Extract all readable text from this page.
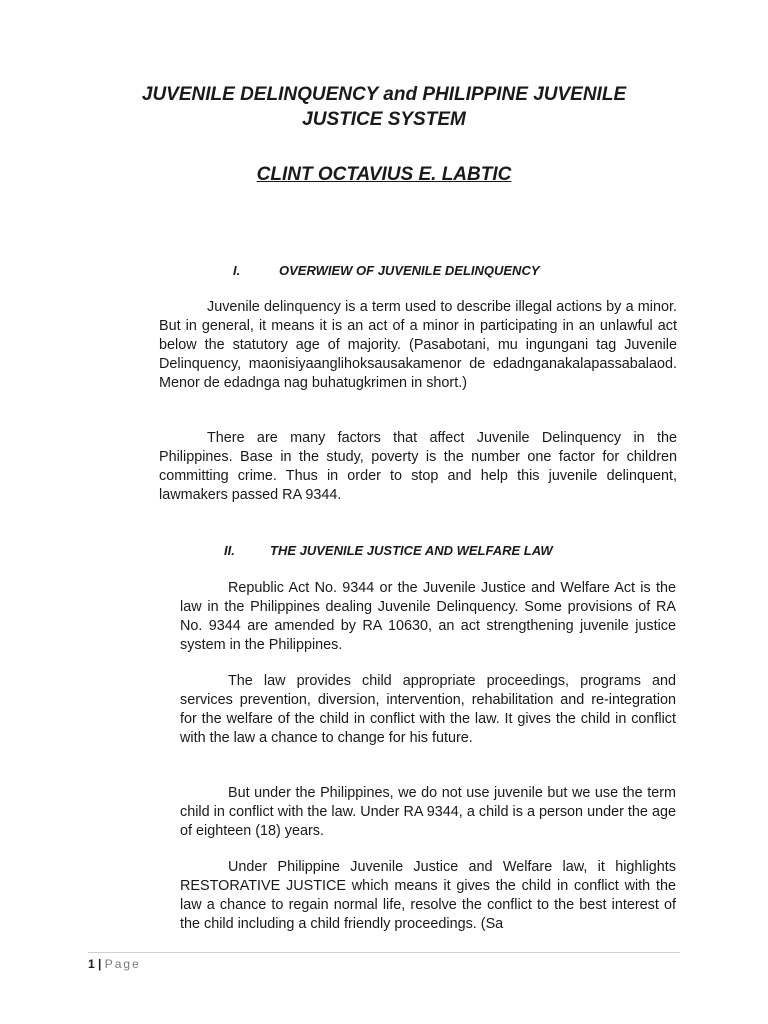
JUVENILE DELINQUENCY and PHILIPPINE JUVENILE JUSTICE SYSTEM
CLINT OCTAVIUS E. LABTIC
I.	OVERWIEW OF JUVENILE DELINQUENCY

Juvenile delinquency is a term used to describe illegal actions by a minor. But in general, it means it is an act of a minor in participating in an unlawful act below the statutory age of majority. (Pasabotani, mu ingungani tag Juvenile Delinquency, maonisiyaanglihoksausakamenor de edadnganakalapassabalaod. Menor de edadnga nag buhatugkrimen in short.)

There are many factors that affect Juvenile Delinquency in the Philippines. Base in the study, poverty is the number one factor for children committing crime. Thus in order to stop and help this juvenile delinquent, lawmakers passed RA 9344.

II.	THE JUVENILE JUSTICE AND WELFARE LAW

Republic Act No. 9344 or the Juvenile Justice and Welfare Act is the law in the Philippines dealing Juvenile Delinquency. Some provisions of RA No. 9344 are amended by RA 10630, an act strengthening juvenile justice system in the Philippines.

The law provides child appropriate proceedings, programs and services prevention, diversion, intervention, rehabilitation and re-integration for the welfare of the child in conflict with the law. It gives the child in conflict with the law a chance to change for his future.

But under the Philippines, we do not use juvenile but we use the term child in conflict with the law. Under RA 9344, a child is a person under the age of eighteen (18) years.

Under Philippine Juvenile Justice and Welfare law, it highlights RESTORATIVE JUSTICE which means it gives the child in conflict with the law a chance to regain normal life, resolve the conflict to the best interest of the child including a child friendly proceedings. (Sa

1 | Page
